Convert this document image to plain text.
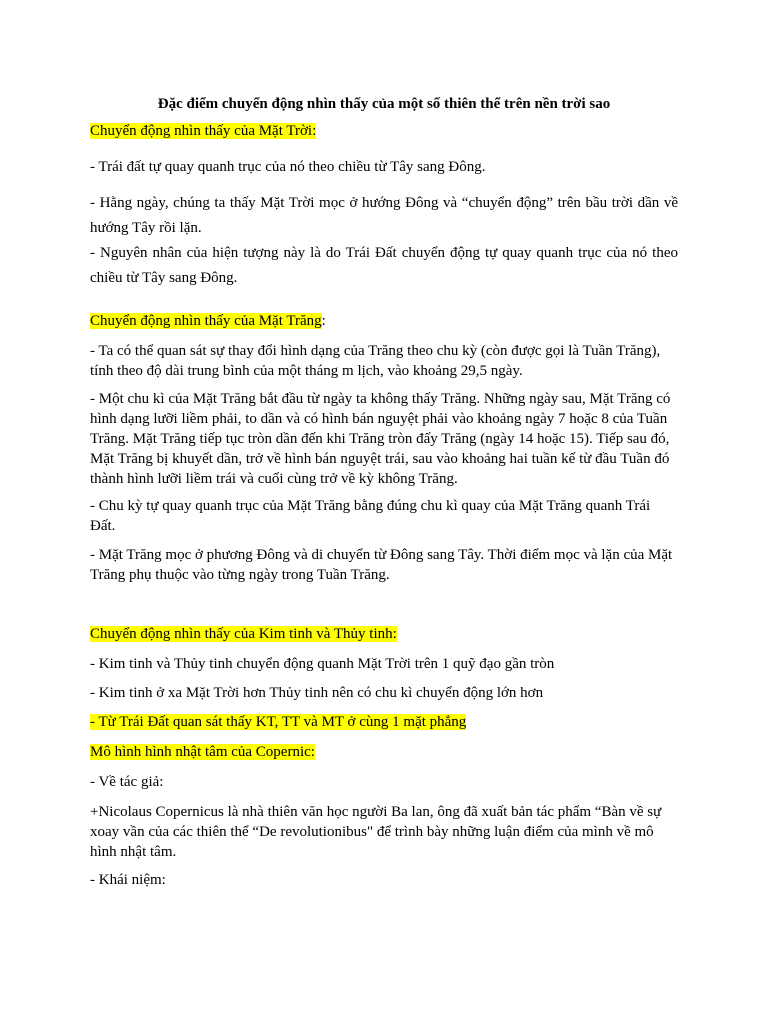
Đặc điểm chuyển động nhìn thấy của một số thiên thể trên nền trời sao

Chuyển động nhìn thấy của Mặt Trời:

- Trái đất tự quay quanh trục của nó theo chiều từ Tây sang Đông.

- Hằng ngày, chúng ta thấy Mặt Trời mọc ở hướng Đông và “chuyển động” trên bầu trời dần về
hướng Tây rồi lặn.

- Nguyên nhân của hiện tượng này là do Trái Đất chuyển động tự quay quanh trục của nó theo
chiều từ Tây sang Đông.

Chuyển động nhìn thấy của Mặt Trăng:

- Ta có thể quan sát sự thay đổi hình dạng của Trăng theo chu kỳ (còn được gọi là Tuần Trăng), tính theo độ dài trung bình của một tháng m lịch, vào khoảng 29,5 ngày.

- Một chu kì của Mặt Trăng bắt đầu từ ngày ta không thấy Trăng. Những ngày sau, Mặt Trăng có hình dạng lưỡi liềm phải, to dần và có hình bán nguyệt phải vào khoảng ngày 7 hoặc 8 của Tuần Trăng. Mặt Trăng tiếp tục tròn dần đến khi Trăng tròn đấy Trăng (ngày 14 hoặc 15). Tiếp sau đó, Mặt Trăng bị khuyết dần, trở về hình bán nguyệt trái, sau vào khoảng hai tuần kế từ đầu Tuần đó thành hình lưỡi liềm trái và cuối cùng trở về kỳ không Trăng.

- Chu kỳ tự quay quanh trục của Mặt Trăng bằng đúng chu kì quay của Mặt Trăng quanh Trái Đất.

- Mặt Trăng mọc ở phương Đông và di chuyển từ Đông sang Tây. Thời điểm mọc và lặn của Mặt Trăng phụ thuộc vào từng ngày trong Tuần Trăng.

Chuyển động nhìn thấy của Kim tinh và Thủy tinh:

- Kim tinh và Thủy tinh chuyển động quanh Mặt Trời trên 1 quỹ đạo gần tròn

- Kim tinh ở xa Mặt Trời hơn Thủy tinh nên có chu kì chuyển động lớn hơn

- Từ Trái Đất quan sát thấy KT, TT và MT ở cùng 1 mặt phẳng

Mô hình hình nhật tâm của Copernic:

- Về tác giả:

+Nicolaus Copernicus là nhà thiên văn học người Ba lan, ông đã xuất bản tác phẩm “Bàn về sự xoay vần của các thiên thể “De revolutionibus" để trình bày những luận điểm của mình về mô hình nhật tâm.

- Khái niệm:
